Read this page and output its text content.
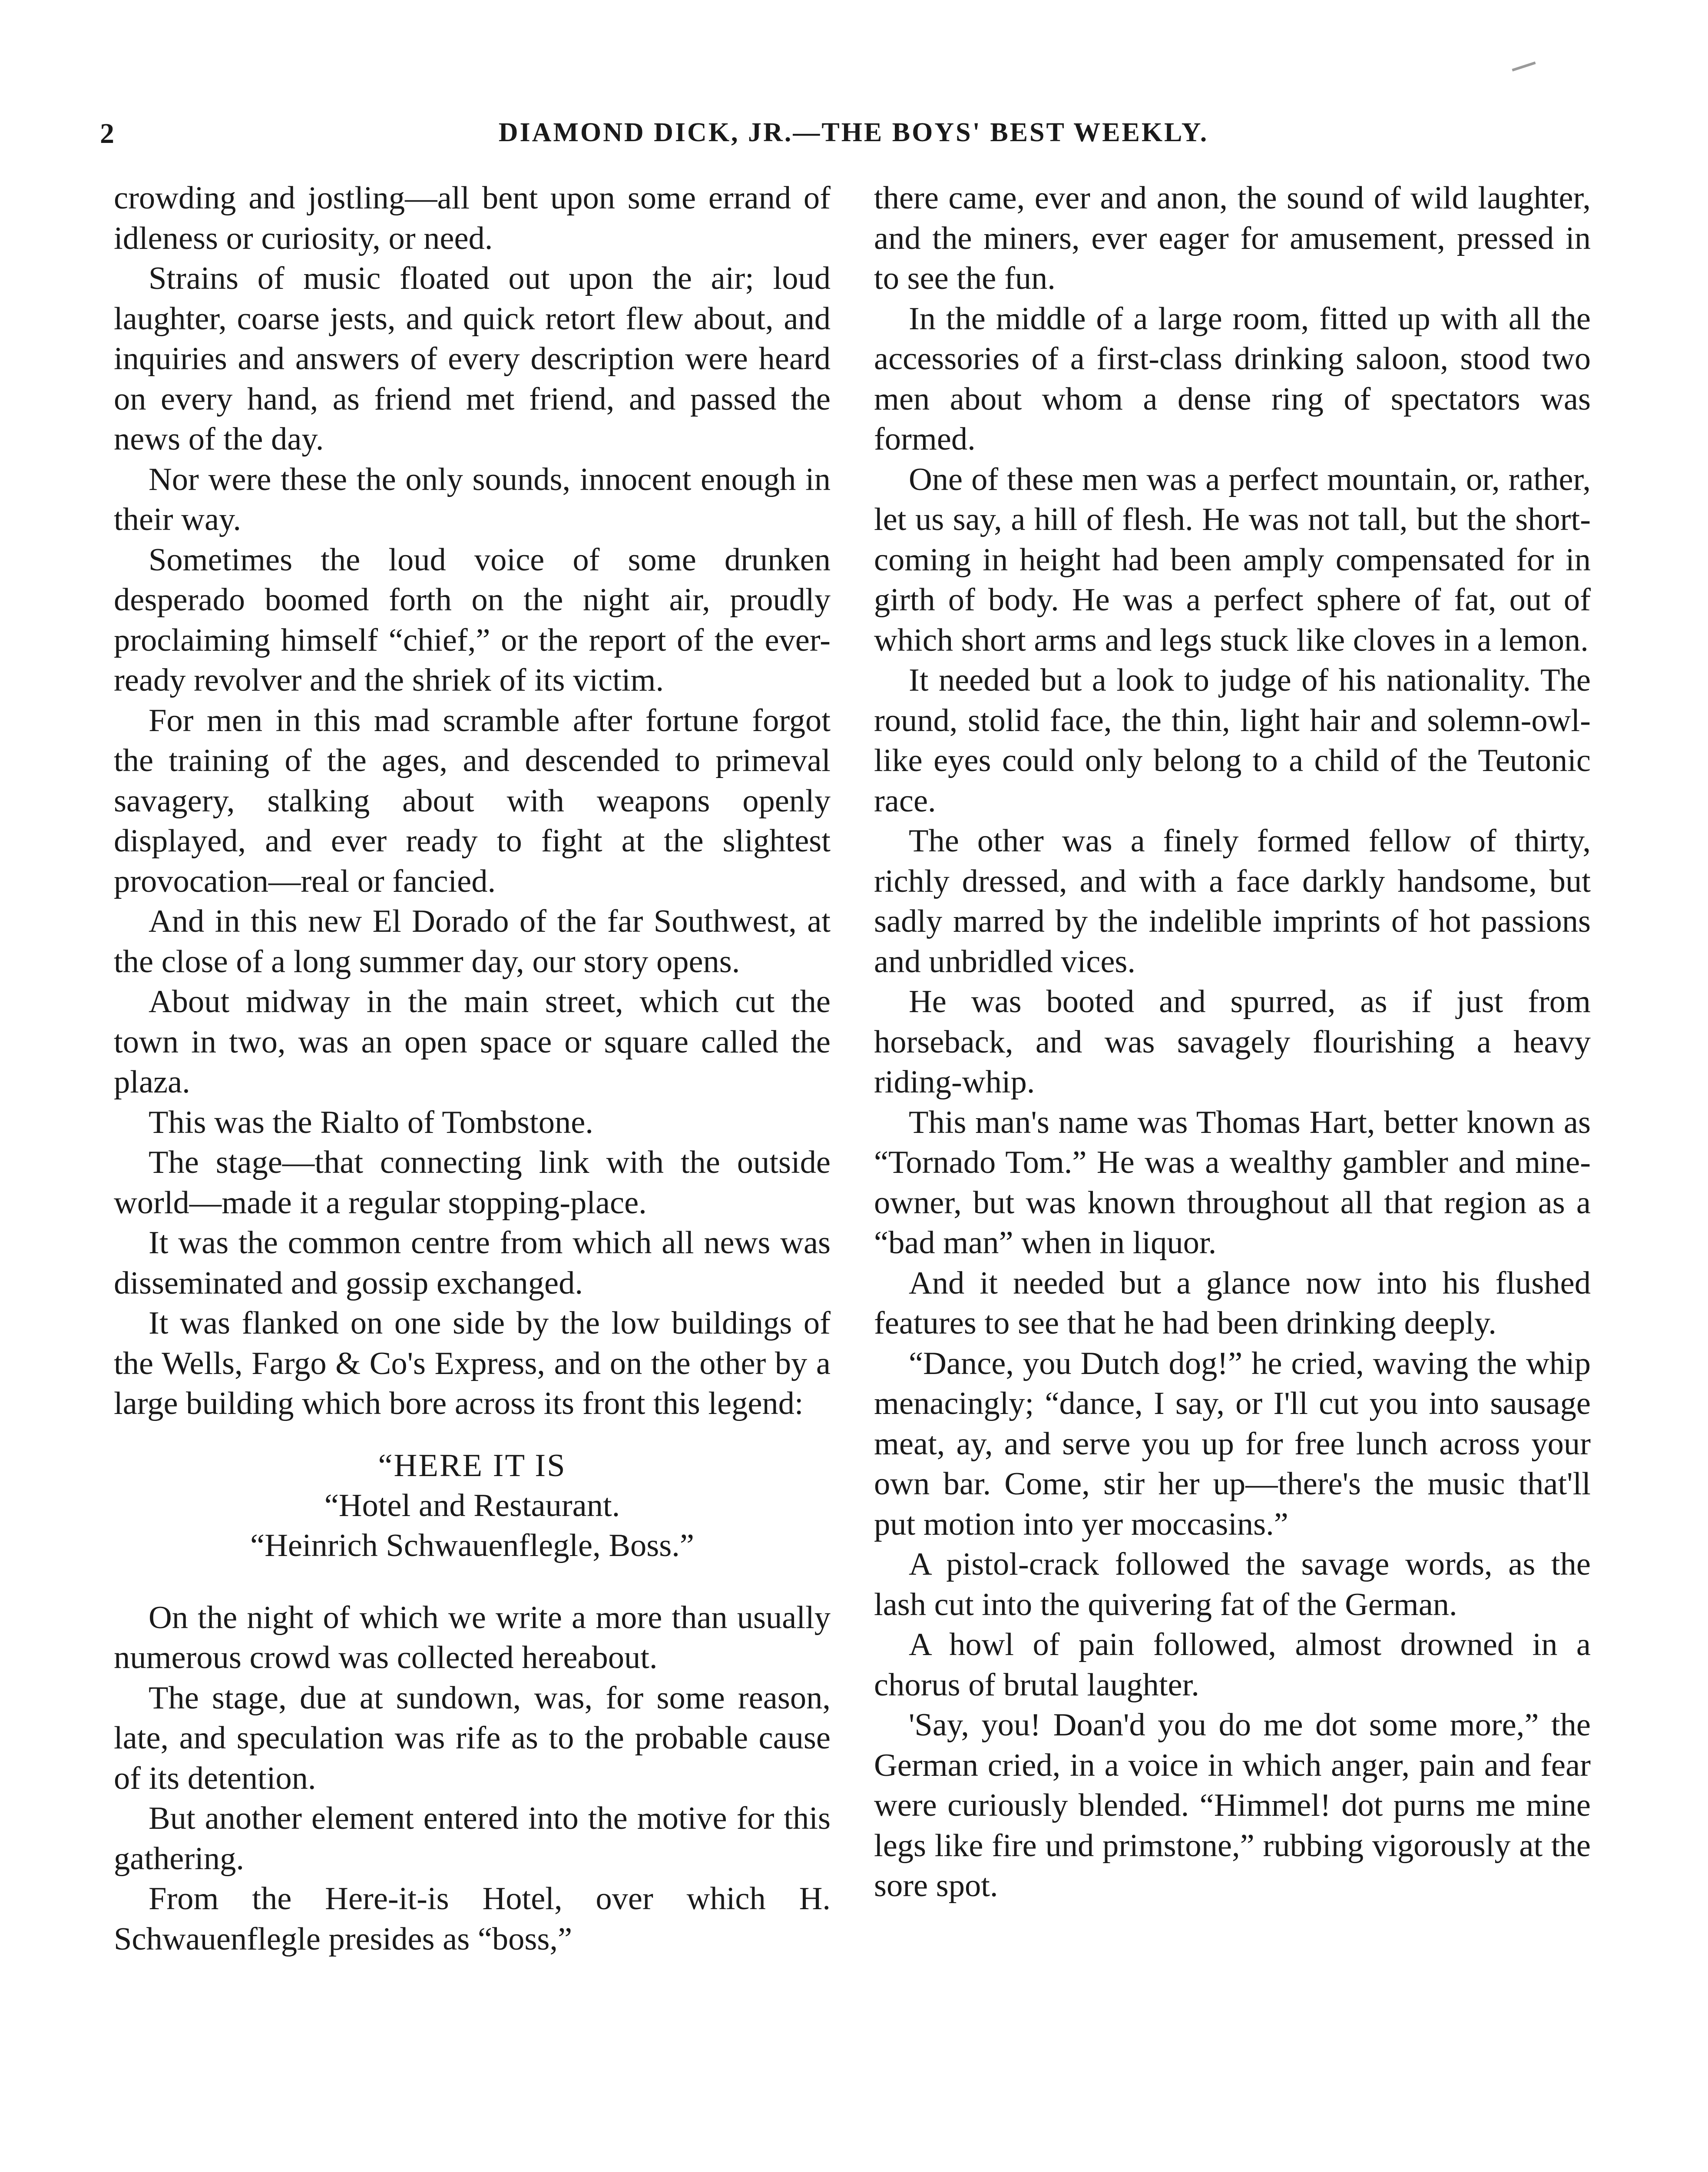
2	DIAMOND DICK, JR.—THE BOYS' BEST WEEKLY.

crowding and jostling—all bent upon some errand of idleness or curiosity, or need.

Strains of music floated out upon the air; loud laughter, coarse jests, and quick retort flew about, and inquiries and answers of every description were heard on every hand, as friend met friend, and passed the news of the day.

Nor were these the only sounds, innocent enough in their way.

Sometimes the loud voice of some drunken desperado boomed forth on the night air, proudly proclaiming himself “chief,” or the report of the ever-ready revolver and the shriek of its victim.

For men in this mad scramble after fortune forgot the training of the ages, and descended to primeval savagery, stalking about with weapons openly displayed, and ever ready to fight at the slightest provocation—real or fancied.

And in this new El Dorado of the far Southwest, at the close of a long summer day, our story opens.

About midway in the main street, which cut the town in two, was an open space or square called the plaza.

This was the Rialto of Tombstone.

The stage—that connecting link with the outside world—made it a regular stopping-place.

It was the common centre from which all news was disseminated and gossip exchanged.

It was flanked on one side by the low buildings of the Wells, Fargo & Co's Express, and on the other by a large building which bore across its front this legend:

“HERE IT IS
“Hotel and Restaurant.
“Heinrich Schwauenflegle, Boss.”

On the night of which we write a more than usually numerous crowd was collected hereabout.

The stage, due at sundown, was, for some reason, late, and speculation was rife as to the probable cause of its detention.

But another element entered into the motive for this gathering.

From the Here-it-is Hotel, over which H. Schwauenflegle presides as “boss,”

there came, ever and anon, the sound of wild laughter, and the miners, ever eager for amusement, pressed in to see the fun.

In the middle of a large room, fitted up with all the accessories of a first-class drinking saloon, stood two men about whom a dense ring of spectators was formed.

One of these men was a perfect mountain, or, rather, let us say, a hill of flesh. He was not tall, but the short-coming in height had been amply compensated for in girth of body. He was a perfect sphere of fat, out of which short arms and legs stuck like cloves in a lemon.

It needed but a look to judge of his nationality. The round, stolid face, the thin, light hair and solemn-owl-like eyes could only belong to a child of the Teutonic race.

The other was a finely formed fellow of thirty, richly dressed, and with a face darkly handsome, but sadly marred by the indelible imprints of hot passions and unbridled vices.

He was booted and spurred, as if just from horseback, and was savagely flourishing a heavy riding-whip.

This man's name was Thomas Hart, better known as “Tornado Tom.” He was a wealthy gambler and mine-owner, but was known throughout all that region as a “bad man” when in liquor.

And it needed but a glance now into his flushed features to see that he had been drinking deeply.

“Dance, you Dutch dog!” he cried, waving the whip menacingly; “dance, I say, or I'll cut you into sausage meat, ay, and serve you up for free lunch across your own bar. Come, stir her up—there's the music that'll put motion into yer moccasins.”

A pistol-crack followed the savage words, as the lash cut into the quivering fat of the German.

A howl of pain followed, almost drowned in a chorus of brutal laughter.

'Say, you! Doan'd you do me dot some more,” the German cried, in a voice in which anger, pain and fear were curiously blended. “Himmel! dot purns me mine legs like fire und primstone,” rubbing vigorously at the sore spot.
